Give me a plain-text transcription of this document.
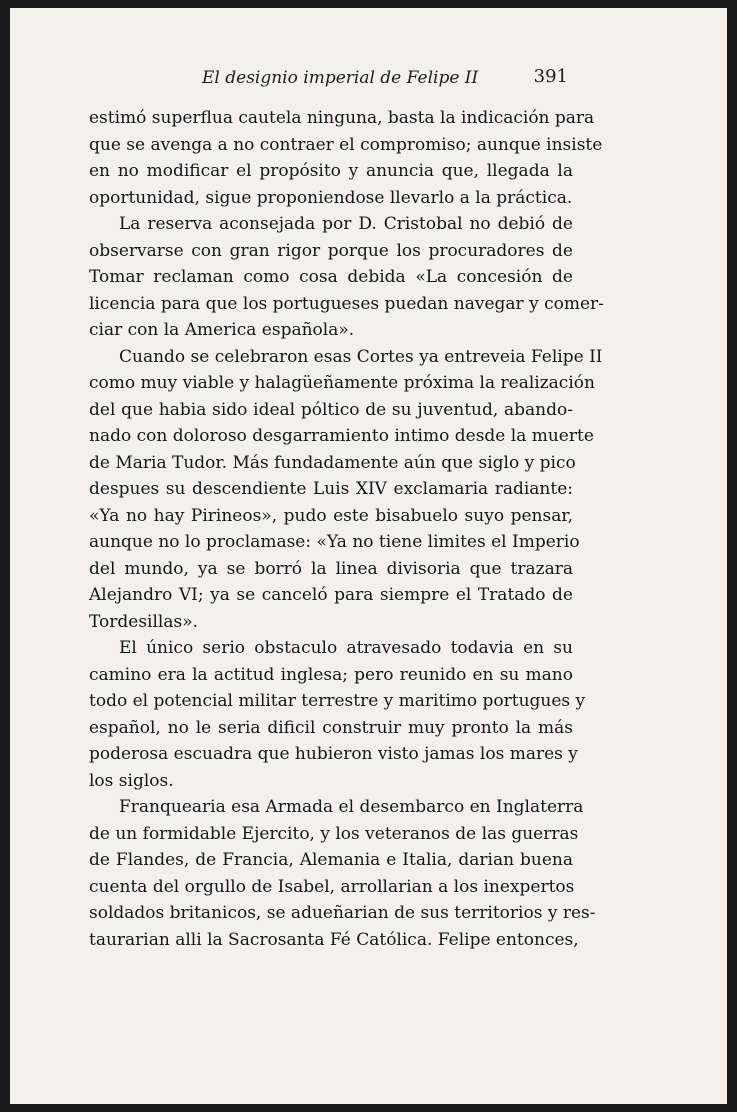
El designio imperial de Felipe II	391
estimó superflua cautela ninguna, basta la indicación para
que se avenga a no contraer el compromiso; aunque insiste
en no modificar el propósito y anuncia que, llegada la
oportunidad, sigue proponiendose llevarlo a la práctica.
La reserva aconsejada por D. Cristobal no debió de
observarse con gran rigor porque los procuradores de
Tomar reclaman como cosa debida «La concesión de
licencia para que los portugueses puedan navegar y comer-
ciar con la America española».
Cuando se celebraron esas Cortes ya entreveia Felipe II
como muy viable y halagüeñamente próxima la realización
del que habia sido ideal póltico de su juventud, abando-
nado con doloroso desgarramiento intimo desde la muerte
de Maria Tudor. Más fundadamente aún que siglo y pico
despues su descendiente Luis XIV exclamaria radiante:
«Ya no hay Pirineos», pudo este bisabuelo suyo pensar,
aunque no lo proclamase: «Ya no tiene limites el Imperio
del mundo, ya se borró la linea divisoria que trazara
Alejandro VI; ya se canceló para siempre el Tratado de
Tordesillas».
El único serio obstaculo atravesado todavia en su
camino era la actitud inglesa; pero reunido en su mano
todo el potencial militar terrestre y maritimo portugues y
español, no le seria dificil construir muy pronto la más
poderosa escuadra que hubieron visto jamas los mares y
los siglos.
Franquearia esa Armada el desembarco en Inglaterra
de un formidable Ejercito, y los veteranos de las guerras
de Flandes, de Francia, Alemania e Italia, darian buena
cuenta del orgullo de Isabel, arrollarian a los inexpertos
soldados britanicos, se adueñarian de sus territorios y res-
taurarian alli la Sacrosanta Fé Católica. Felipe entonces,
